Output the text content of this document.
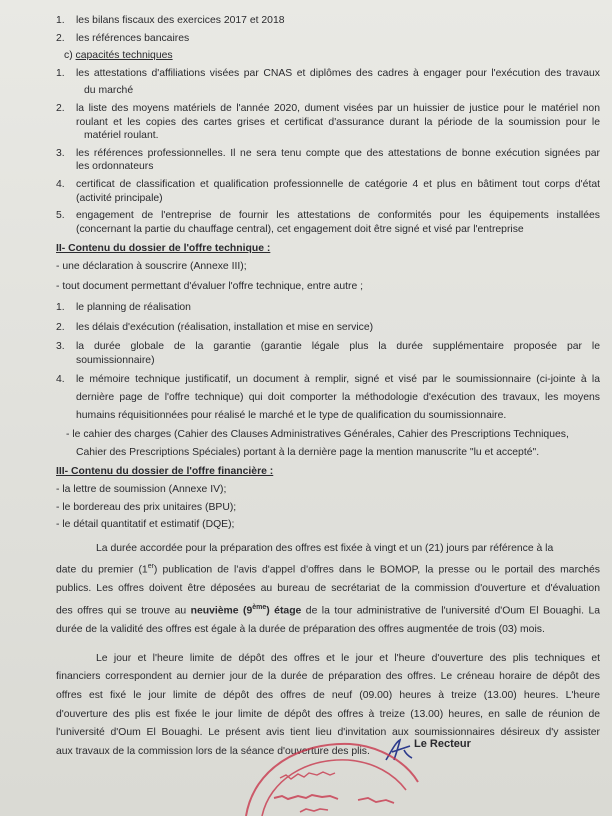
1. les bilans fiscaux des exercices 2017 et 2018
2. les références bancaires
c) capacités techniques
1. les attestations d'affiliations visées par CNAS et diplômes des cadres à engager pour l'exécution des travaux
du marché
2. la liste des moyens matériels de l'année 2020, dument visées par un huissier de justice pour le matériel non
roulant et les copies des cartes grises et certificat d'assurance durant la période de la soumission pour le
matériel roulant.
3. les références professionnelles. Il ne sera tenu compte que des attestations de bonne exécution signées par
les ordonnateurs
4. certificat de classification et qualification professionnelle de catégorie 4 et plus en bâtiment tout corps d'état
(activité principale)
5. engagement de l'entreprise de fournir les attestations de conformités pour les équipements installées
(concernant la partie du chauffage central), cet engagement doit être signé et visé par l'entreprise
II- Contenu du dossier de l'offre technique :
- une déclaration à souscrire (Annexe III);
- tout document permettant d'évaluer l'offre technique, entre autre ;
1. le planning de réalisation
2. les délais d'exécution (réalisation, installation et mise en service)
3. la durée globale de la garantie (garantie légale plus la durée supplémentaire proposée par le
soumissionnaire)
4. le mémoire technique justificatif, un document à remplir, signé et visé par le soumissionnaire (ci-jointe à la
dernière page de l'offre technique) qui doit comporter la méthodologie d'exécution des travaux, les moyens
humains réquisitionnées pour réalisé le marché et le type de qualification du soumissionnaire.
- le cahier des charges (Cahier des Clauses Administratives Générales, Cahier des Prescriptions Techniques,
Cahier des Prescriptions Spéciales) portant à la dernière page la mention manuscrite "lu et accepté".
III- Contenu du dossier de l'offre financière :
- la lettre de soumission (Annexe IV);
- le bordereau des prix unitaires (BPU);
- le détail quantitatif et estimatif (DQE);
La durée accordée pour la préparation des offres est fixée à vingt et un (21) jours par référence à la
date du premier (1er) publication de l'avis d'appel d'offres dans le BOMOP, la presse ou le portail des marchés
publics. Les offres doivent être déposées au bureau de secrétariat de la commission d'ouverture et d'évaluation
des offres qui se trouve au neuvième (9ème) étage de la tour administrative de l'université d'Oum El Bouaghi. La
durée de la validité des offres est égale à la durée de préparation des offres augmentée de trois (03) mois.
Le jour et l'heure limite de dépôt des offres et le jour et l'heure d'ouverture des plis techniques et
financiers correspondent au dernier jour de la durée de préparation des offres. Le créneau horaire de dépôt des
offres est fixé le jour limite de dépôt des offres de neuf (09.00) heures à treize (13.00) heures. L'heure
d'ouverture des plis est fixée le jour limite de dépôt des offres à treize (13.00) heures, en salle de réunion de
l'université d'Oum El Bouaghi. Le présent avis tient lieu d'invitation aux soumissionnaires désireux d'y assister
aux travaux de la commission lors de la séance d'ouverture des plis.
Le Recteur
